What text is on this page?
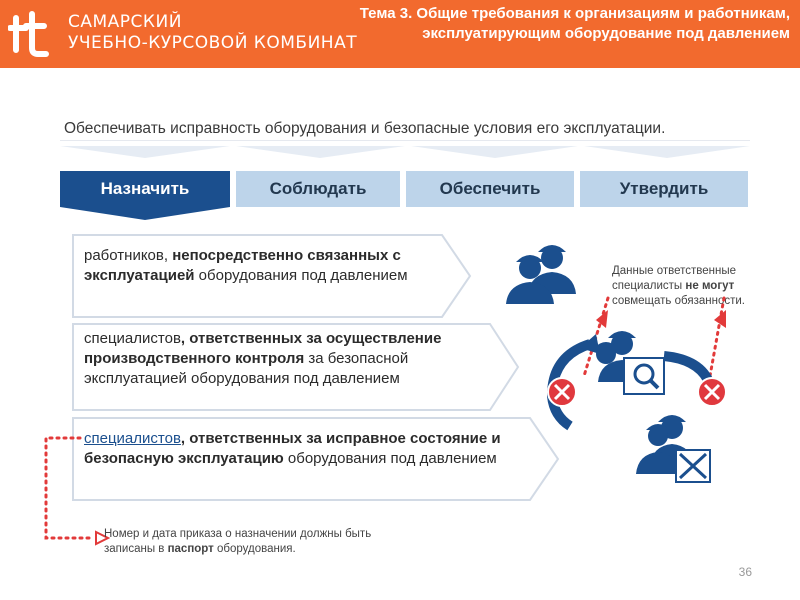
САМАРСКИЙ
УЧЕБНО-КУРСОВОЙ КОМБИНАТ
Тема 3. Общие требования к организациям и работникам, эксплуатирующим оборудование под давлением
Обязанности организаций
Обеспечивать исправность оборудования и безопасные условия его эксплуатации.
Назначить	Соблюдать	Обеспечить	Утвердить
работников, непосредственно связанных с эксплуатацией оборудования под давлением
специалистов, ответственных за осуществление производственного контроля за безопасной эксплуатацией оборудования под давлением
специалистов, ответственных за исправное состояние и безопасную эксплуатацию оборудования под давлением
Номер и дата приказа о назначении должны быть записаны в паспорт оборудования.
Данные ответственные специалисты не могут совмещать обязанности.
36
